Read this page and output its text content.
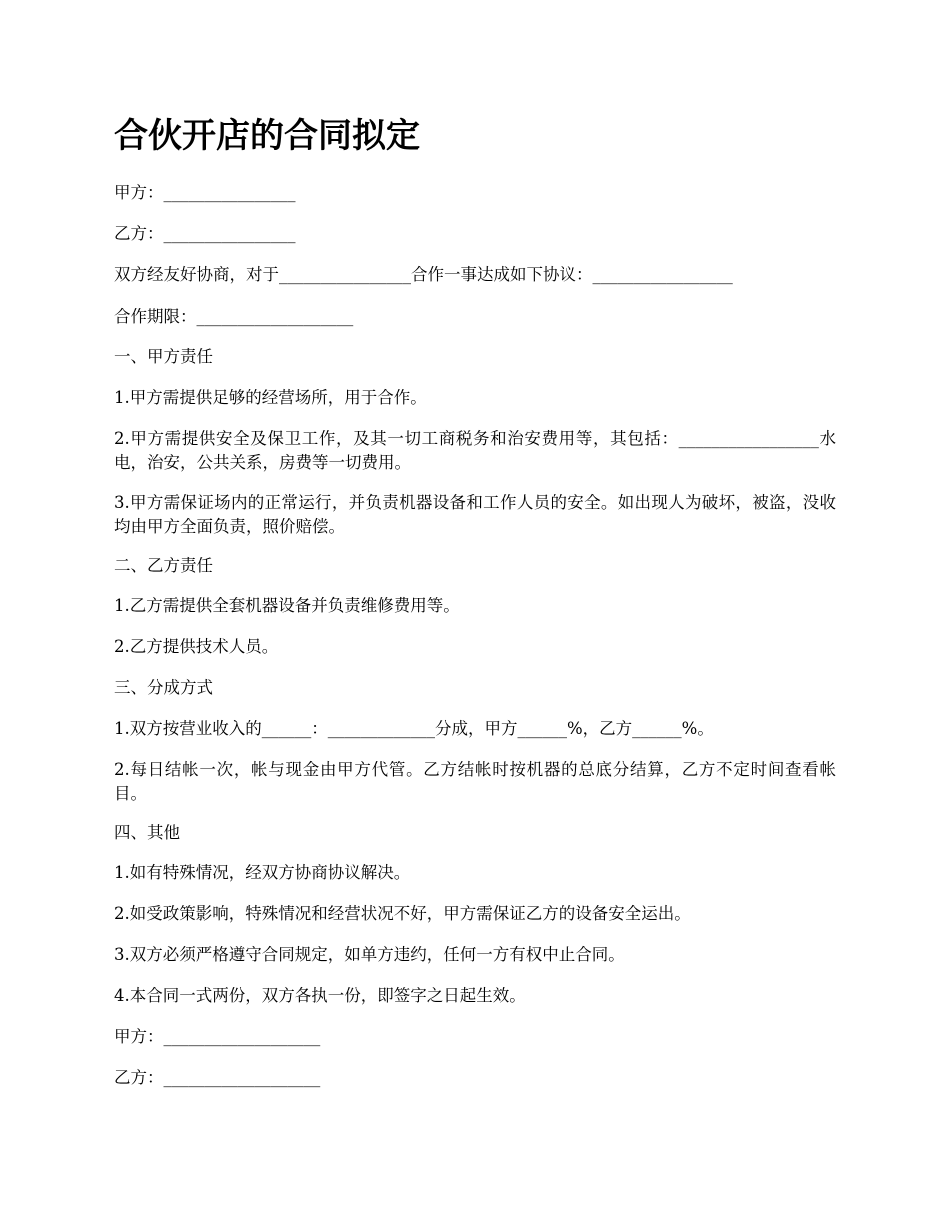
合伙开店的合同拟定

甲方：________________

乙方：________________

双方经友好协商，对于________________合作一事达成如下协议：_________________

合作期限：___________________

一、甲方责任

1.甲方需提供足够的经营场所，用于合作。

2.甲方需提供安全及保卫工作，及其一切工商税务和治安费用等，其包括：_________________水电，治安，公共关系，房费等一切费用。

3.甲方需保证场内的正常运行，并负责机器设备和工作人员的安全。如出现人为破坏，被盗，没收均由甲方全面负责，照价赔偿。

二、乙方责任

1.乙方需提供全套机器设备并负责维修费用等。

2.乙方提供技术人员。

三、分成方式

1.双方按营业收入的______：_____________分成，甲方______%，乙方______%。

2.每日结帐一次，帐与现金由甲方代管。乙方结帐时按机器的总底分结算，乙方不定时间查看帐目。

四、其他

1.如有特殊情况，经双方协商协议解决。

2.如受政策影响，特殊情况和经营状况不好，甲方需保证乙方的设备安全运出。

3.双方必须严格遵守合同规定，如单方违约，任何一方有权中止合同。

4.本合同一式两份，双方各执一份，即签字之日起生效。

甲方：___________________

乙方：___________________
